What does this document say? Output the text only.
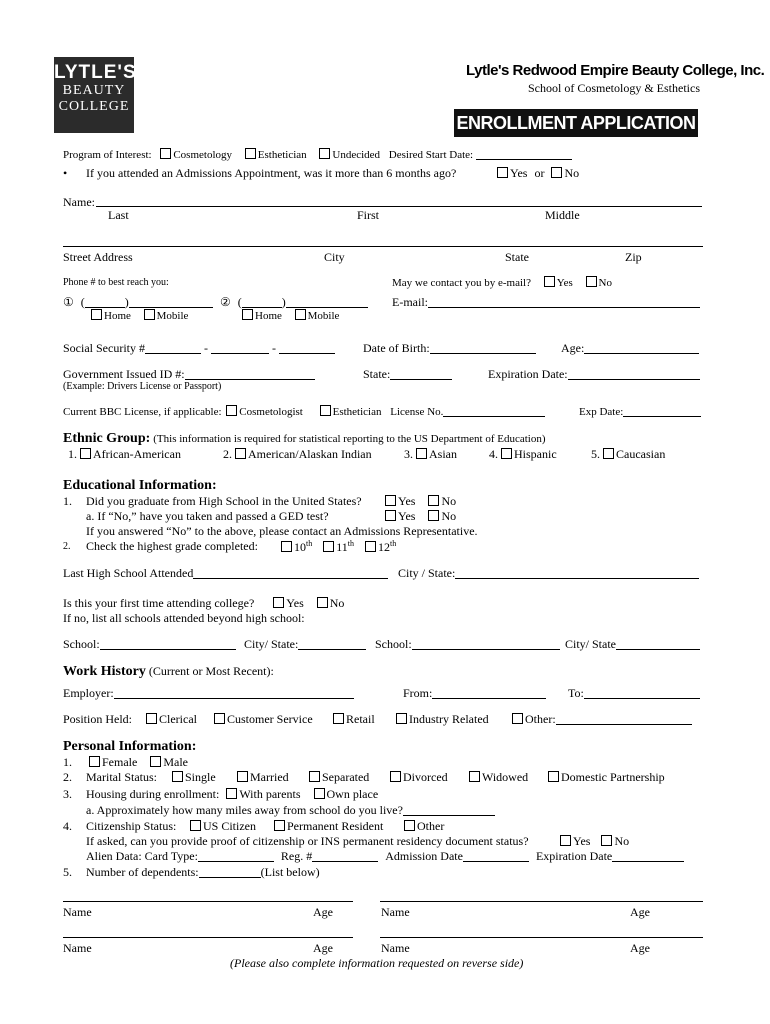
LYTLE'S
BEAUTY
COLLEGE
Lytle's Redwood Empire Beauty College, Inc.
School of Cosmetology & Esthetics
ENROLLMENT APPLICATION
Program of Interest: Cosmetology Esthetician Undecided Desired Start Date:
• If you attended an Admissions Appointment, was it more than 6 months ago?	Yes or No
Name:
Last	First	Middle
Street Address	City	State	Zip
Phone # to best reach you:	May we contact you by e-mail? Yes No
① (	)	② (	)	E-mail:
Home Mobile	Home Mobile
Social Security #	-	-	Date of Birth:	Age:
Government Issued ID #:
(Example: Drivers License or Passport)
State:	Expiration Date:
Current BBC License, if applicable: Cosmetologist	Esthetician License No.	Exp Date:
Ethnic Group: (This information is required for statistical reporting to the US Department of Education)
1. African-American	2. American/Alaskan Indian	3. Asian	4. Hispanic	5. Caucasian
Educational Information:
1. Did you graduate from High School in the United States?	Yes No
a. If “No,” have you taken and passed a GED test?	Yes No
If you answered “No” to the above, please contact an Admissions Representative.
2. Check the highest grade completed:	10th 11th 12th
Last High School Attended	City / State:
Is this your first time attending college?	Yes No
If no, list all schools attended beyond high school:
School:	City/ State:	School:	City/ State
Work History (Current or Most Recent):
Employer:	From:	To:
Position Held:	Clerical	Customer Service	Retail	Industry Related	Other:
Personal Information:
1.	Female Male
2. Marital Status:	Single	Married	Separated	Divorced	Widowed	Domestic Partnership
3. Housing during enrollment: With parents Own place
a. Approximately how many miles away from school do you live?
4. Citizenship Status:	US Citizen	Permanent Resident	Other
If asked, can you provide proof of citizenship or INS permanent residency document status?	Yes No
Alien Data: Card Type:	Reg. #	Admission Date	Expiration Date
5. Number of dependents:	(List below)
Name	Age	Name	Age
Name	Age	Name	Age
(Please also complete information requested on reverse side)
